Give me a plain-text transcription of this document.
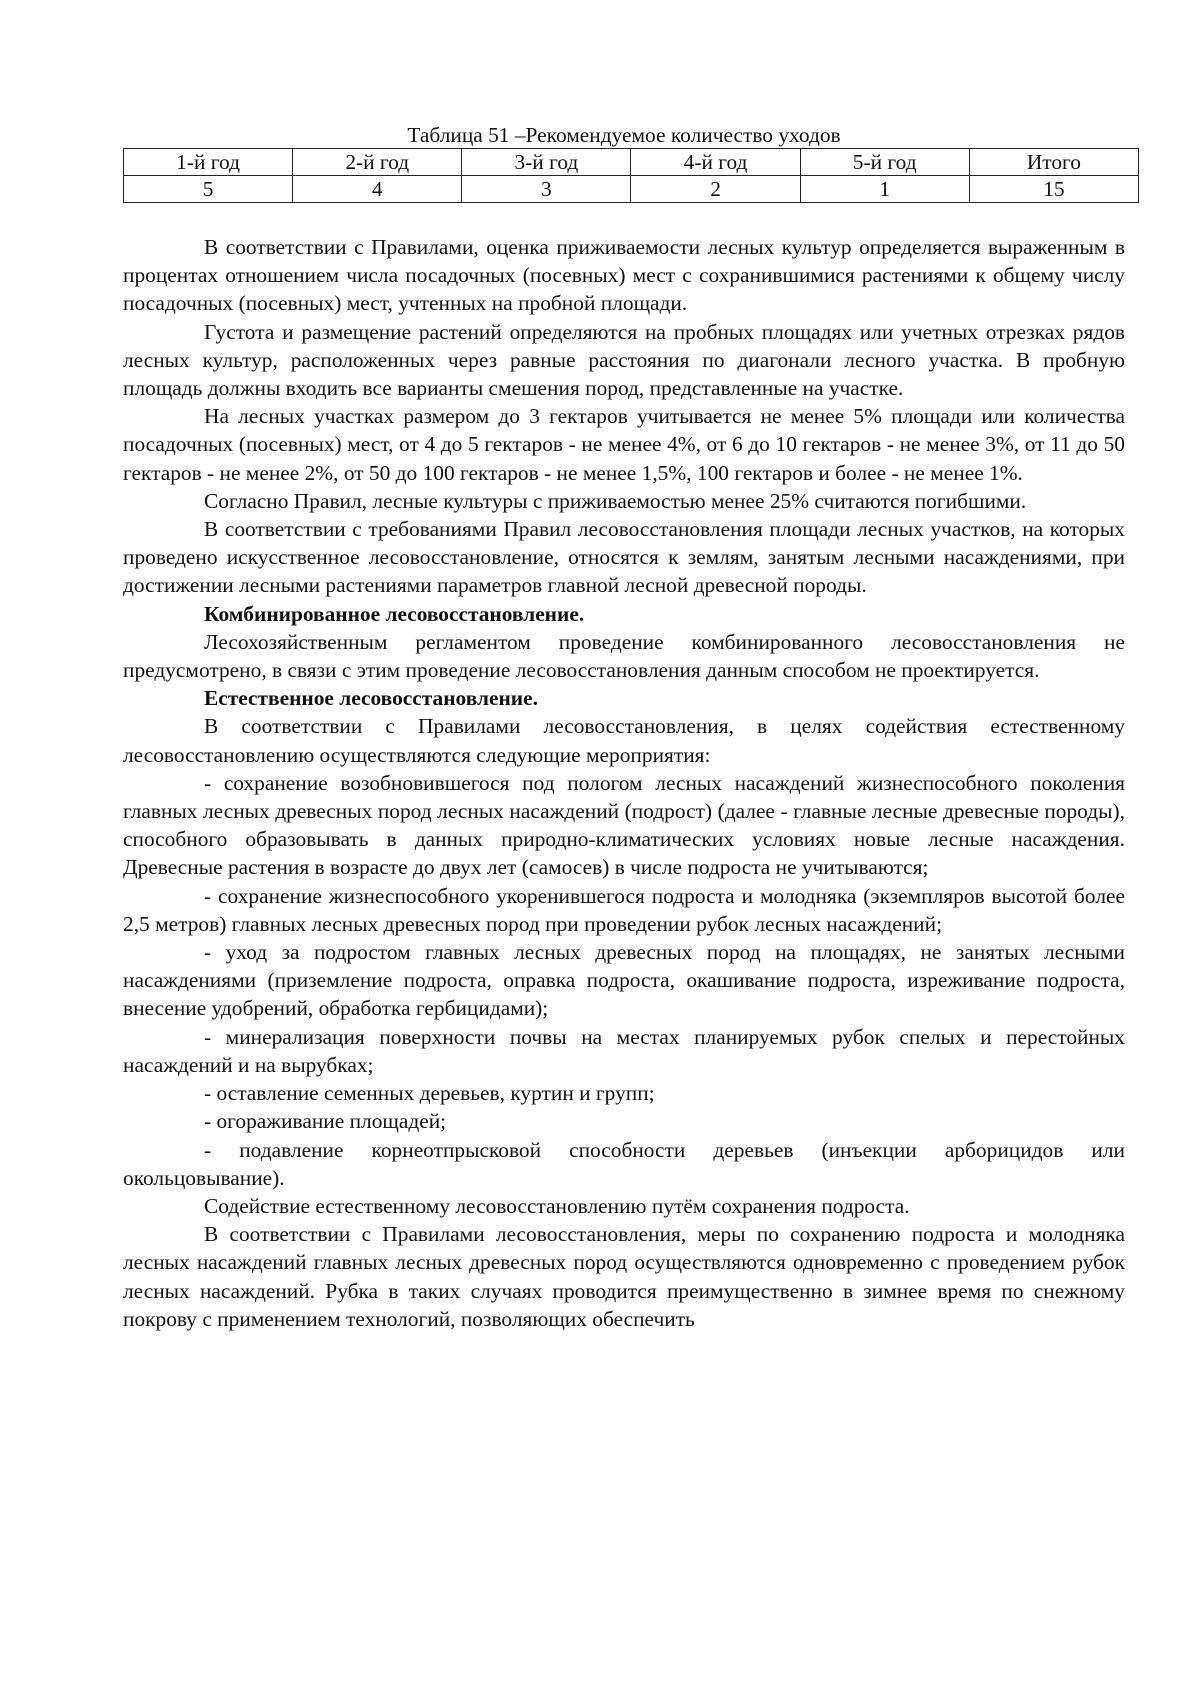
Таблица 51 –Рекомендуемое количество уходов
1-й год	2-й год	3-й год	4-й год	5-й год	Итого
5	4	3	2	1	15

В соответствии с Правилами, оценка приживаемости лесных культур определяется выраженным в процентах отношением числа посадочных (посевных) мест с сохранившимися растениями к общему числу посадочных (посевных) мест, учтенных на пробной площади.

Густота и размещение растений определяются на пробных площадях или учетных отрезках рядов лесных культур, расположенных через равные расстояния по диагонали лесного участка. В пробную площадь должны входить все варианты смешения пород, представленные на участке.

На лесных участках размером до 3 гектаров учитывается не менее 5% площади или количества посадочных (посевных) мест, от 4 до 5 гектаров - не менее 4%, от 6 до 10 гектаров - не менее 3%, от 11 до 50 гектаров - не менее 2%, от 50 до 100 гектаров - не менее 1,5%, 100 гектаров и более - не менее 1%.

Согласно Правил, лесные культуры с приживаемостью менее 25% считаются погибшими.

В соответствии с требованиями Правил лесовосстановления площади лесных участков, на которых проведено искусственное лесовосстановление, относятся к землям, занятым лесными насаждениями, при достижении лесными растениями параметров главной лесной древесной породы.

Комбинированное лесовосстановление.

Лесохозяйственным регламентом проведение комбинированного лесовосстановления не предусмотрено, в связи с этим проведение лесовосстановления данным способом не проектируется.

Естественное лесовосстановление.

В соответствии с Правилами лесовосстановления, в целях содействия естественному лесовосстановлению осуществляются следующие мероприятия:

- сохранение возобновившегося под пологом лесных насаждений жизнеспособного поколения главных лесных древесных пород лесных насаждений (подрост) (далее - главные лесные древесные породы), способного образовывать в данных природно-климатических условиях новые лесные насаждения. Древесные растения в возрасте до двух лет (самосев) в числе подроста не учитываются;

- сохранение жизнеспособного укоренившегося подроста и молодняка (экземпляров высотой более 2,5 метров) главных лесных древесных пород при проведении рубок лесных насаждений;

- уход за подростом главных лесных древесных пород на площадях, не занятых лесными насаждениями (приземление подроста, оправка подроста, окашивание подроста, изреживание подроста, внесение удобрений, обработка гербицидами);

- минерализация поверхности почвы на местах планируемых рубок спелых и перестойных насаждений и на вырубках;

- оставление семенных деревьев, куртин и групп;

- огораживание площадей;

- подавление корнеотпрысковой способности деревьев (инъекции арборицидов или окольцовывание).

Содействие естественному лесовосстановлению путём сохранения подроста.

В соответствии с Правилами лесовосстановления, меры по сохранению подроста и молодняка лесных насаждений главных лесных древесных пород осуществляются одновременно с проведением рубок лесных насаждений. Рубка в таких случаях проводится преимущественно в зимнее время по снежному покрову с применением технологий, позволяющих обеспечить
